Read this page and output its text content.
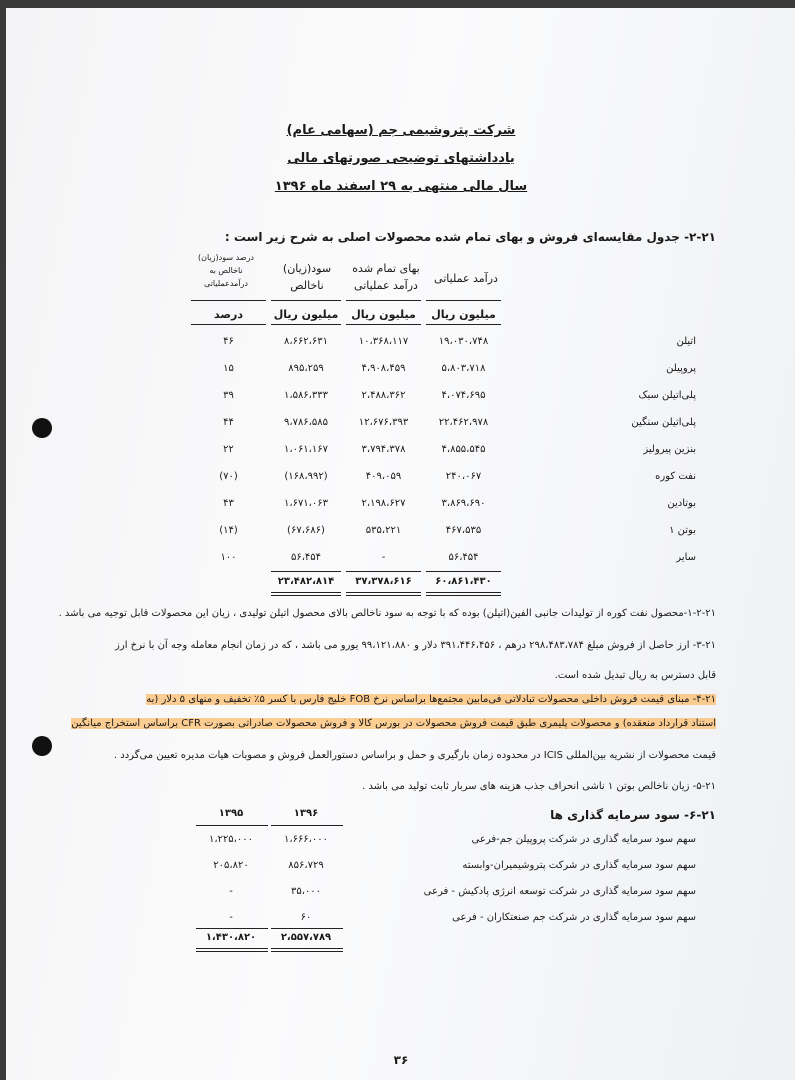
شرکت پتروشیمی جم (سهامی عام)
یادداشتهای توضیحی صورتهای مالی
سال مالی منتهی به ۲۹ اسفند ماه ۱۳۹۶
۲-۲۱- جدول مقایسه‌ای فروش و بهای تمام شده محصولات اصلی به شرح زیر است :
درآمد عملیاتی
بهای تمام شده
درآمد عملیاتی
سود(زیان)
ناخالص
درصد سود(زیان)
ناخالص به
درآمدعملیاتی
میلیون ریال
میلیون ریال
میلیون ریال
درصد
اتیلن
۱۹،۰۳۰،۷۴۸
۱۰،۳۶۸،۱۱۷
۸،۶۶۲،۶۳۱
۴۶
پروپیلن
۵،۸۰۳،۷۱۸
۴،۹۰۸،۴۵۹
۸۹۵،۲۵۹
۱۵
پلی‌اتیلن سبک
۴،۰۷۴،۶۹۵
۲،۴۸۸،۳۶۲
۱،۵۸۶،۳۳۳
۳۹
پلی‌اتیلن سنگین
۲۲،۴۶۲،۹۷۸
۱۲،۶۷۶،۳۹۳
۹،۷۸۶،۵۸۵
۴۴
بنزین پیرولیز
۴،۸۵۵،۵۴۵
۳،۷۹۴،۳۷۸
۱،۰۶۱،۱۶۷
۲۲
نفت کوره
۲۴۰،۰۶۷
۴۰۹،۰۵۹
(۱۶۸،۹۹۲)
(۷۰)
بوتادین
۳،۸۶۹،۶۹۰
۲،۱۹۸،۶۲۷
۱،۶۷۱،۰۶۳
۴۳
بوتن ۱
۴۶۷،۵۳۵
۵۳۵،۲۲۱
(۶۷،۶۸۶)
(۱۴)
سایر
۵۶،۴۵۴
-
۵۶،۴۵۴
۱۰۰
۶۰،۸۶۱،۴۳۰
۳۷،۳۷۸،۶۱۶
۲۳،۴۸۲،۸۱۴
۱-۲-۲۱-محصول نفت کوره از تولیدات جانبی الفین(اتیلن) بوده که با توجه به سود ناخالص بالای محصول اتیلن تولیدی ، زیان این محصولات قابل توجیه می باشد .
۳-۲۱- ارز حاصل از فروش مبلغ ۲۹۸،۴۸۳،۷۸۴ درهم ، ۳۹۱،۴۴۶،۴۵۶ دلار و ۹۹،۱۲۱،۸۸۰ یورو می باشد ، که در زمان انجام معامله وجه آن با نرخ ارز
قابل دسترس به ریال تبدیل شده است.
۴-۲۱- مبنای قیمت فروش داخلی محصولات تبادلاتی فی‌مابین مجتمع‌ها براساس نرخ FOB خلیج فارس با کسر ۵٪ تخفیف و منهای ۵ دلار (به
استناد قرارداد منعقده) و محصولات پلیمری طبق قیمت فروش محصولات در بورس کالا و فروش محصولات صادراتی بصورت CFR براساس استخراج میانگین
قیمت محصولات از نشریه بین‌المللی ICIS در محدوده زمان بارگیری و حمل و براساس دستورالعمل فروش و مصوبات هیات مدیره تعیین می‌گردد .
۵-۲۱- زیان ناخالص بوتن ۱ ناشی انحراف جذب هزینه های سربار ثابت تولید می باشد .
۶-۲۱- سود سرمایه گذاری ها
۱۳۹۶
۱۳۹۵
سهم سود سرمایه گذاری در شرکت پروپیلن جم-فرعی
۱،۶۶۶،۰۰۰
۱،۲۲۵،۰۰۰
سهم سود سرمایه گذاری در شرکت پتروشیمیران-وابسته
۸۵۶،۷۲۹
۲۰۵،۸۲۰
سهم سود سرمایه گذاری در شرکت توسعه انرژی پادکیش - فرعی
۳۵،۰۰۰
-
سهم سود سرمایه گذاری در شرکت جم صنعتکاران - فرعی
۶۰
-
۲،۵۵۷،۷۸۹
۱،۴۳۰،۸۲۰
۳۶
